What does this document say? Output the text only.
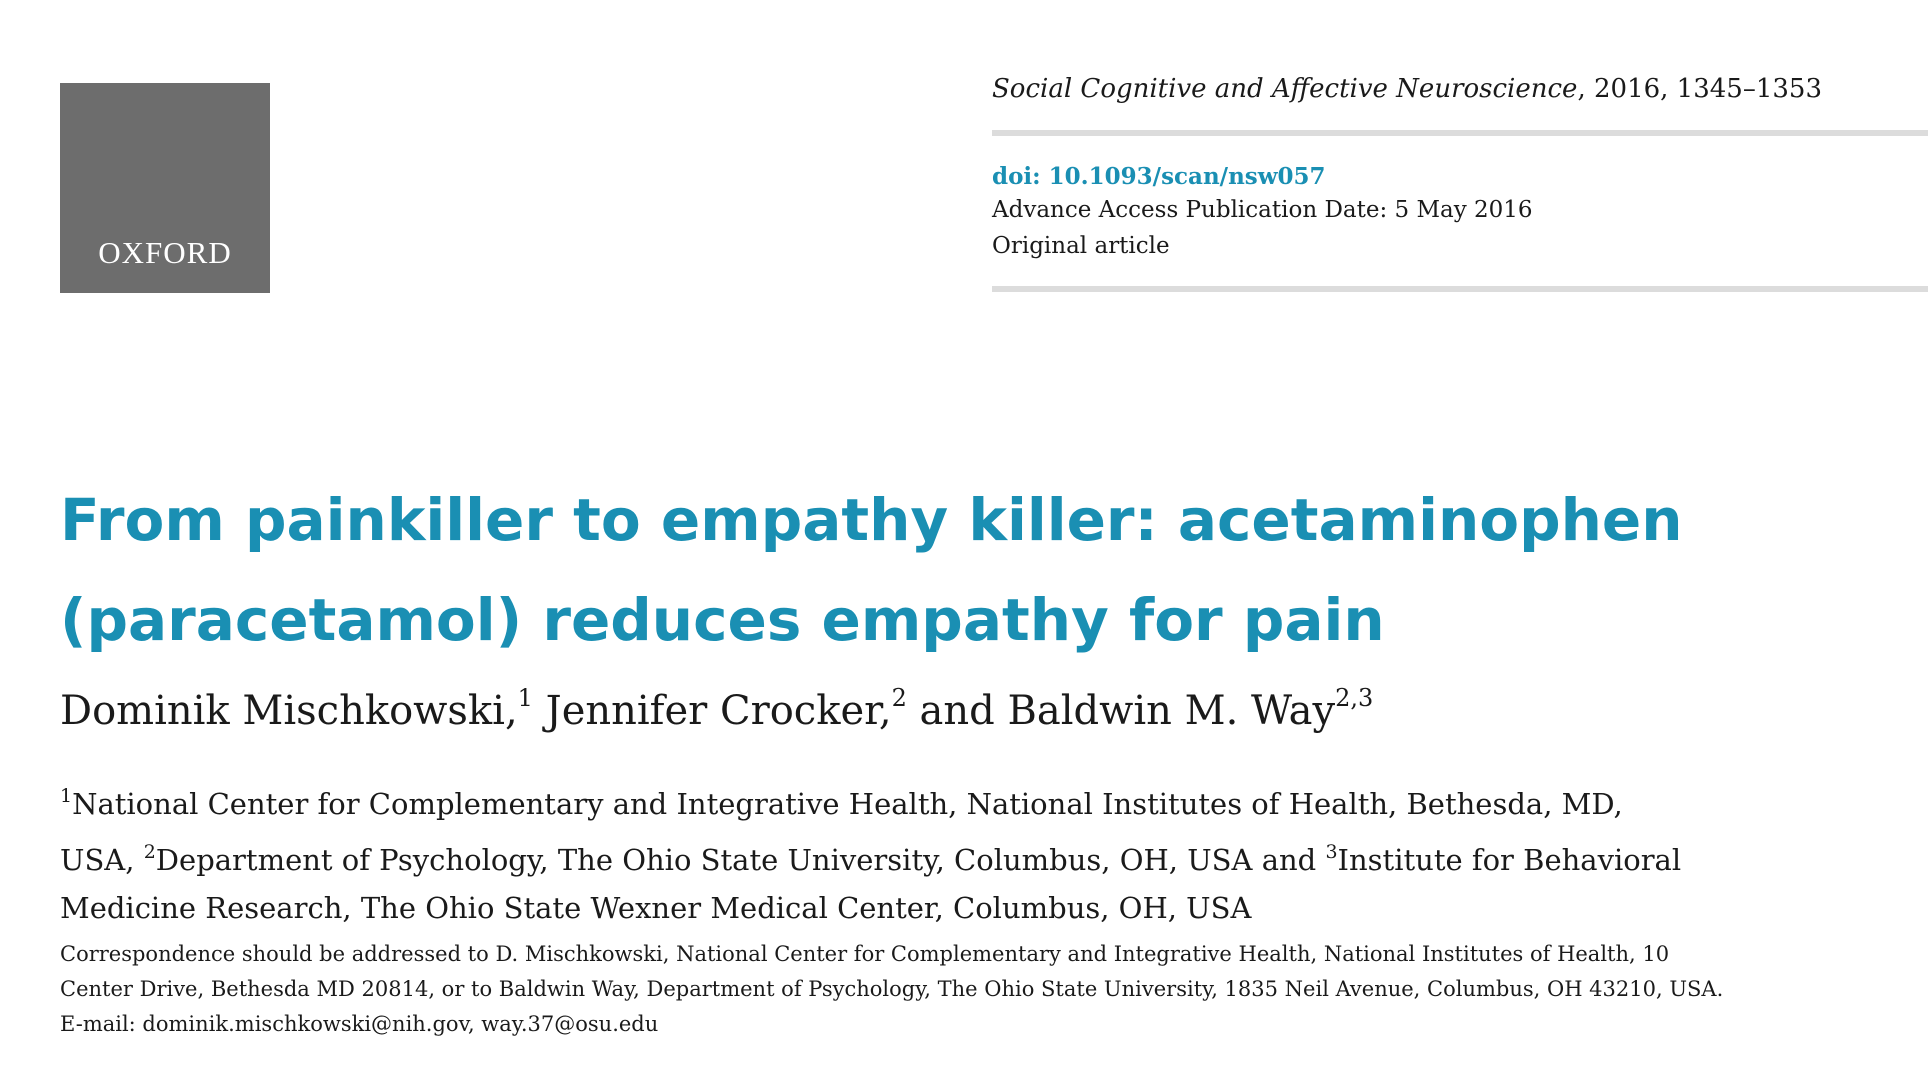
OXFORD
Social Cognitive and Affective Neuroscience, 2016, 1345–1353
doi: 10.1093/scan/nsw057
Advance Access Publication Date: 5 May 2016
Original article
From painkiller to empathy killer: acetaminophen
(paracetamol) reduces empathy for pain
Dominik Mischkowski,$^1$ Jennifer Crocker,$^2$ and Baldwin M. Way$^{2,3}$
$^1$National Center for Complementary and Integrative Health, National Institutes of Health, Bethesda, MD,
USA, $^2$Department of Psychology, The Ohio State University, Columbus, OH, USA and $^3$Institute for Behavioral
Medicine Research, The Ohio State Wexner Medical Center, Columbus, OH, USA
Correspondence should be addressed to D. Mischkowski, National Center for Complementary and Integrative Health, National Institutes of Health, 10
Center Drive, Bethesda MD 20814, or to Baldwin Way, Department of Psychology, The Ohio State University, 1835 Neil Avenue, Columbus, OH 43210, USA.
E-mail: dominik.mischkowski@nih.gov, way.37@osu.edu
